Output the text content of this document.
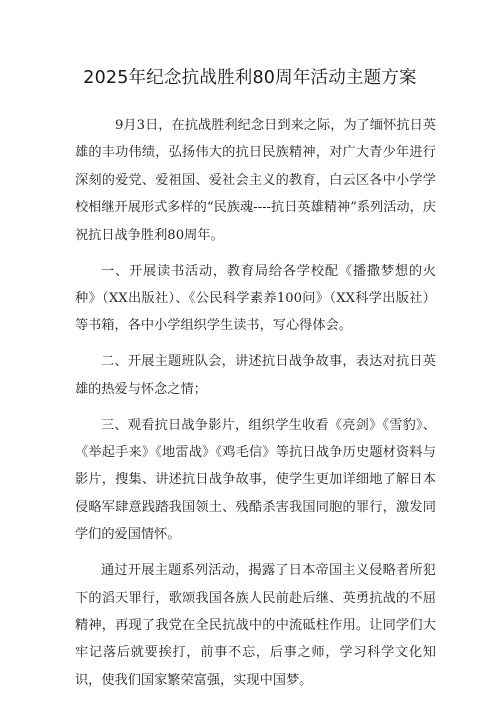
2025年纪念抗战胜利80周年活动主题方案

9月3日，在抗战胜利纪念日到来之际，为了缅怀抗日英雄的丰功伟绩，弘扬伟大的抗日民族精神，对广大青少年进行深刻的爱党、爱祖国、爱社会主义的教育，白云区各中小学学校相继开展形式多样的“民族魂----抗日英雄精神”系列活动，庆祝抗日战争胜利80周年。

一、开展读书活动，教育局给各学校配《播撒梦想的火种》（XX出版社）、《公民科学素养100问》（XX科学出版社）等书箱，各中小学组织学生读书，写心得体会。

二、开展主题班队会，讲述抗日战争故事，表达对抗日英雄的热爱与怀念之情；

三、观看抗日战争影片，组织学生收看《亮剑》《雪豹》、《举起手来》《地雷战》《鸡毛信》等抗日战争历史题材资料与影片，搜集、讲述抗日战争故事，使学生更加详细地了解日本侵略军肆意践踏我国领土、残酷杀害我国同胞的罪行，激发同学们的爱国情怀。

通过开展主题系列活动，揭露了日本帝国主义侵略者所犯下的滔天罪行，歌颂我国各族人民前赴后继、英勇抗战的不屈精神，再现了我党在全民抗战中的中流砥柱作用。让同学们大牢记落后就要挨打，前事不忘，后事之师，学习科学文化知识，使我们国家繁荣富强，实现中国梦。
